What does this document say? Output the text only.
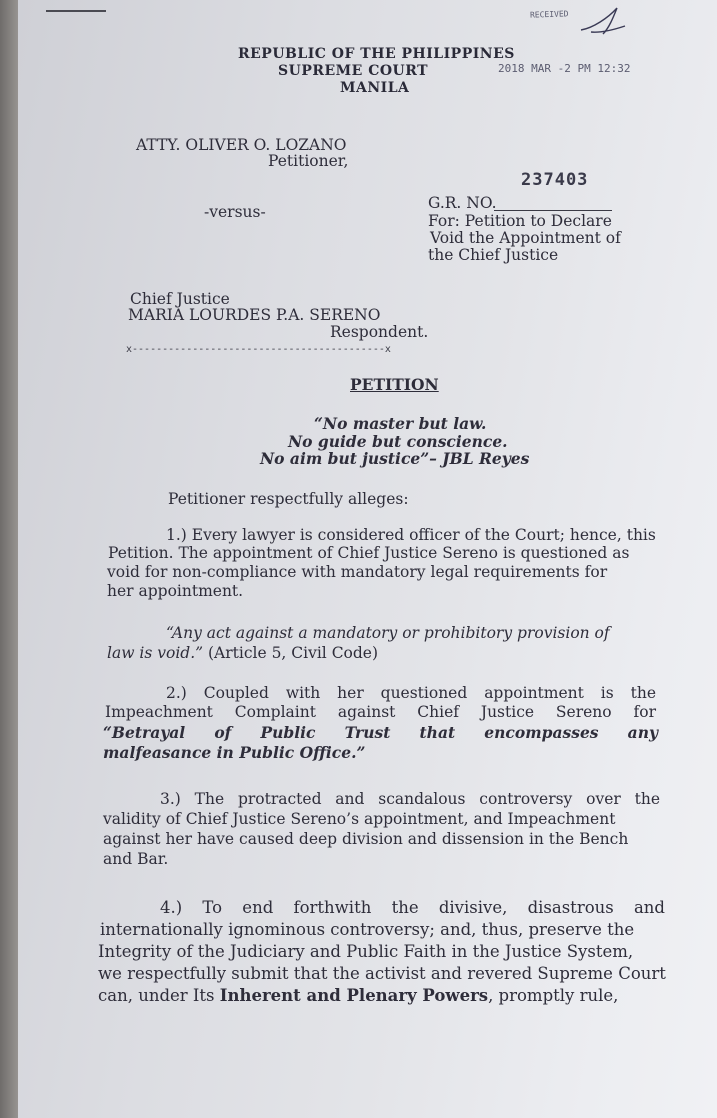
RECEIVED
2018 MAR -2 PM 12:32
REPUBLIC OF THE PHILIPPINES
SUPREME COURT
MANILA
ATTY. OLIVER O. LOZANO
Petitioner,
237403
-versus-	G.R. NO.
For: Petition to Declare
Void the Appointment of
the Chief Justice
Chief Justice
MARIA LOURDES P.A. SERENO
Respondent.
x------------------------------------------x
PETITION
“No master but law.
No guide but conscience.
No aim but justice”– JBL Reyes
Petitioner respectfully alleges:
1.) Every lawyer is considered officer of the Court; hence, this
Petition. The appointment of Chief Justice Sereno is questioned as
void for non-compliance with mandatory legal requirements for
her appointment.
“Any act against a mandatory or prohibitory provision of
law is void.” (Article 5, Civil Code)
2.) Coupled with her questioned appointment is the
Impeachment Complaint against Chief Justice Sereno for
“Betrayal of Public Trust that encompasses any
malfeasance in Public Office.”
3.) The protracted and scandalous controversy over the
validity of Chief Justice Sereno’s appointment, and Impeachment
against her have caused deep division and dissension in the Bench
and Bar.
4.) To end forthwith the divisive, disastrous and
internationally ignominous controversy; and, thus, preserve the
Integrity of the Judiciary and Public Faith in the Justice System,
we respectfully submit that the activist and revered Supreme Court
can, under Its Inherent and Plenary Powers, promptly rule,
